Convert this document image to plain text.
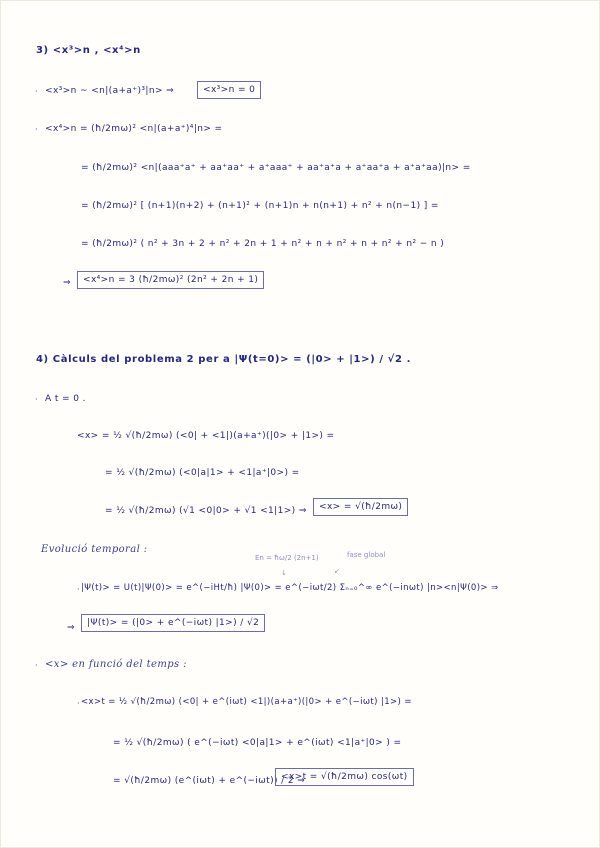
3) <x³>n , <x⁴>n
· <x³>n ~ <n|(a+a⁺)³|n> ⇒	<x³>n = 0
· <x⁴>n = (ħ/2mω)² <n|(a+a⁺)⁴|n> =
= (ħ/2mω)² <n|(aaa⁺a⁺ + aa⁺aa⁺ + a⁺aaa⁺ + aa⁺a⁺a + a⁺aa⁺a + a⁺a⁺aa)|n> =
= (ħ/2mω)² [ (n+1)(n+2) + (n+1)² + (n+1)n + n(n+1) + n² + n(n−1) ] =
= (ħ/2mω)² ( n² + 3n + 2 + n² + 2n + 1 + n² + n + n² + n + n² + n² − n )
⇒	<x⁴>n = 3 (ħ/2mω)² (2n² + 2n + 1)
4) Càlculs del problema 2 per a |Ψ(t=0)> = (|0> + |1>) / √2 .
· A t = 0 .
<x> = ½ √(ħ/2mω) (<0| + <1|)(a+a⁺)(|0> + |1>) =
= ½ √(ħ/2mω) (<0|a|1> + <1|a⁺|0>) =
= ½ √(ħ/2mω) (√1 <0|0> + √1 <1|1>) ⇒	<x> = √(ħ/2mω)
Evolució temporal :
En = ħω/2 (2n+1)	fase global
↓	↙
· |Ψ(t)> = U(t)|Ψ(0)> = e^(−iHt/ħ) |Ψ(0)> = e^(−iωt/2) Σₙ₌₀^∞ e^(−inωt) |n><n|Ψ(0)> ⇒
⇒	|Ψ(t)> = (|0> + e^(−iωt) |1>) / √2
· <x> en funció del temps :
· <x>t = ½ √(ħ/2mω) (<0| + e^(iωt) <1|)(a+a⁺)(|0> + e^(−iωt) |1>) =
= ½ √(ħ/2mω) ( e^(−iωt) <0|a|1> + e^(iωt) <1|a⁺|0> ) =
= √(ħ/2mω) (e^(iωt) + e^(−iωt)) / 2 ⇒
<x>t = √(ħ/2mω) cos(ωt)
